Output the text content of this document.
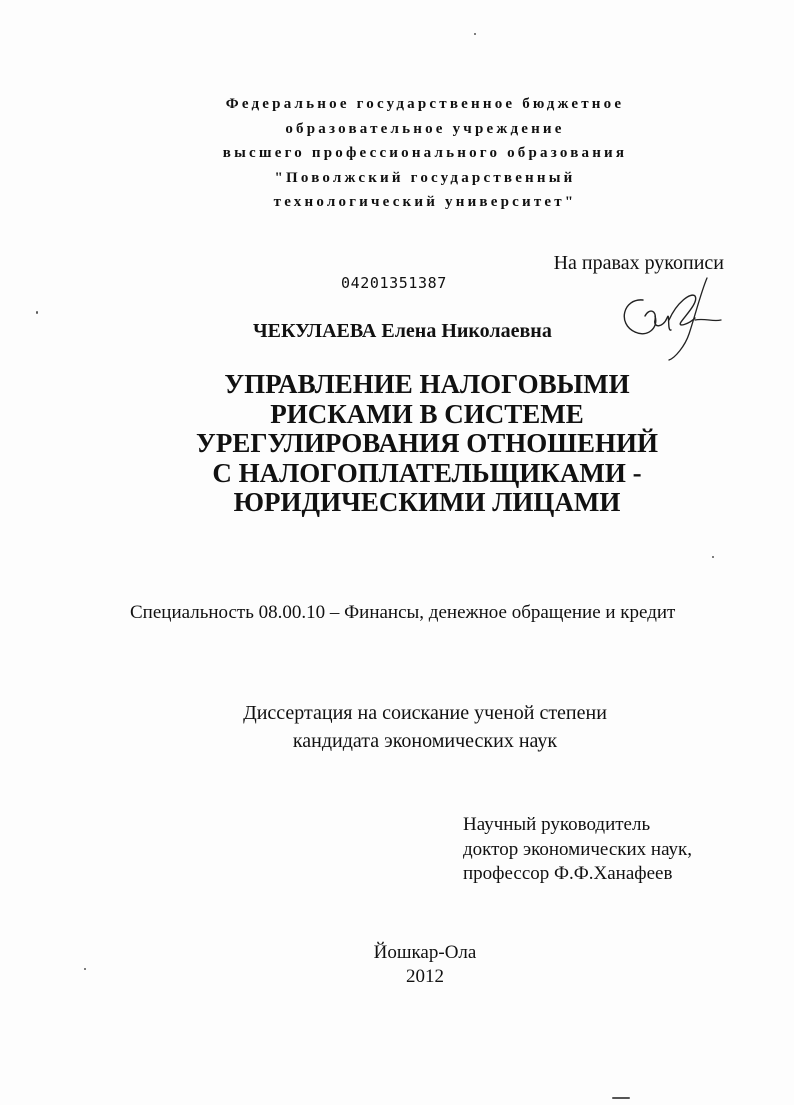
Федеральное государственное бюджетное
образовательное учреждение
высшего профессионального образования
"Поволжский государственный
технологический университет"
На правах рукописи
04201351387
ЧЕКУЛАЕВА Елена Николаевна
УПРАВЛЕНИЕ НАЛОГОВЫМИ
РИСКАМИ В СИСТЕМЕ
УРЕГУЛИРОВАНИЯ ОТНОШЕНИЙ
С НАЛОГОПЛАТЕЛЬЩИКАМИ -
ЮРИДИЧЕСКИМИ ЛИЦАМИ
Специальность 08.00.10 – Финансы, денежное обращение и кредит
Диссертация на соискание ученой степени
кандидата экономических наук
Научный руководитель
доктор экономических наук,
профессор Ф.Ф.Ханафеев
Йошкар-Ола
2012
